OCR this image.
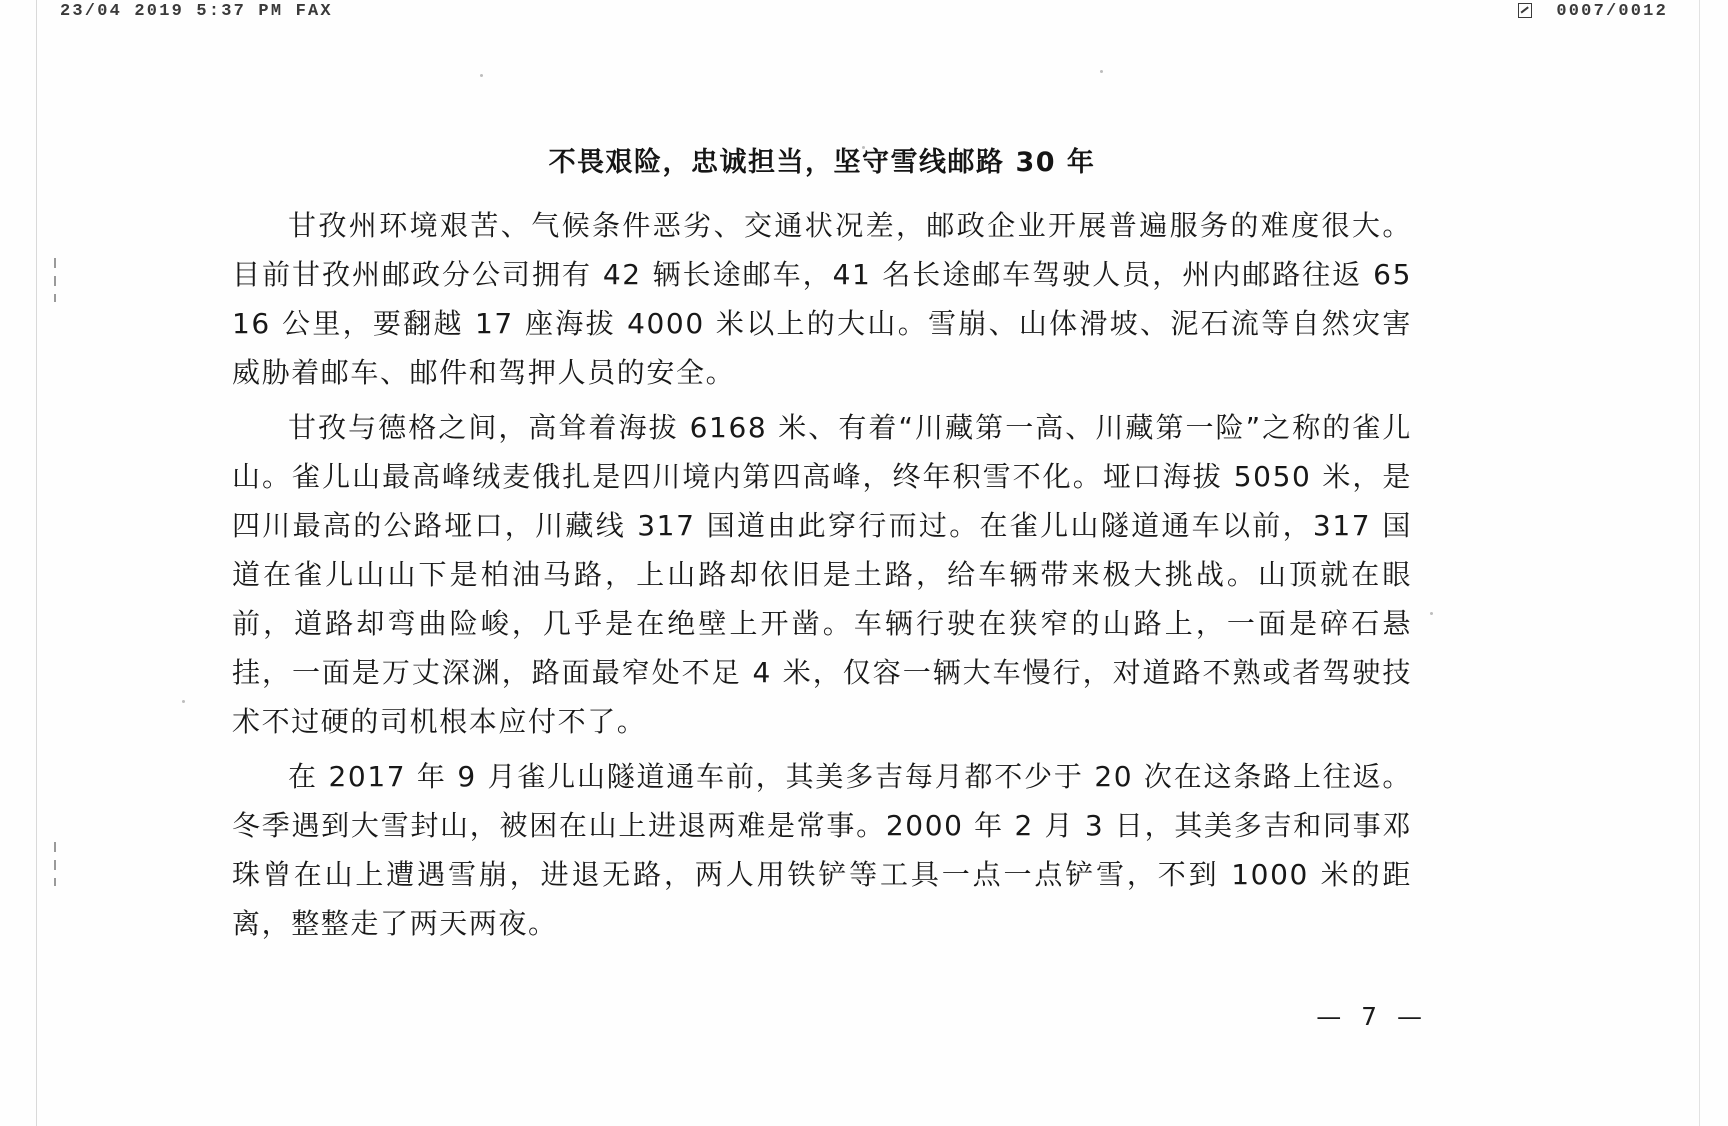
23/04 2019 5:37 PM FAX	0007/0012
不畏艰险，忠诚担当，坚守雪线邮路 30 年

甘孜州环境艰苦、气候条件恶劣、交通状况差，邮政企业开展普遍服务的难度很大。目前甘孜州邮政分公司拥有 42 辆长途邮车，41 名长途邮车驾驶人员，州内邮路往返 6516 公里，要翻越 17 座海拔 4000 米以上的大山。雪崩、山体滑坡、泥石流等自然灾害威胁着邮车、邮件和驾押人员的安全。

甘孜与德格之间，高耸着海拔 6168 米、有着“川藏第一高、川藏第一险”之称的雀儿山。雀儿山最高峰绒麦俄扎是四川境内第四高峰，终年积雪不化。垭口海拔 5050 米，是四川最高的公路垭口，川藏线 317 国道由此穿行而过。在雀儿山隧道通车以前，317 国道在雀儿山山下是柏油马路，上山路却依旧是土路，给车辆带来极大挑战。山顶就在眼前，道路却弯曲险峻，几乎是在绝壁上开凿。车辆行驶在狭窄的山路上，一面是碎石悬挂，一面是万丈深渊，路面最窄处不足 4 米，仅容一辆大车慢行，对道路不熟或者驾驶技术不过硬的司机根本应付不了。

在 2017 年 9 月雀儿山隧道通车前，其美多吉每月都不少于 20 次在这条路上往返。冬季遇到大雪封山，被困在山上进退两难是常事。2000 年 2 月 3 日，其美多吉和同事邓珠曾在山上遭遇雪崩，进退无路，两人用铁铲等工具一点一点铲雪，不到 1000 米的距离，整整走了两天两夜。

— 7 —
